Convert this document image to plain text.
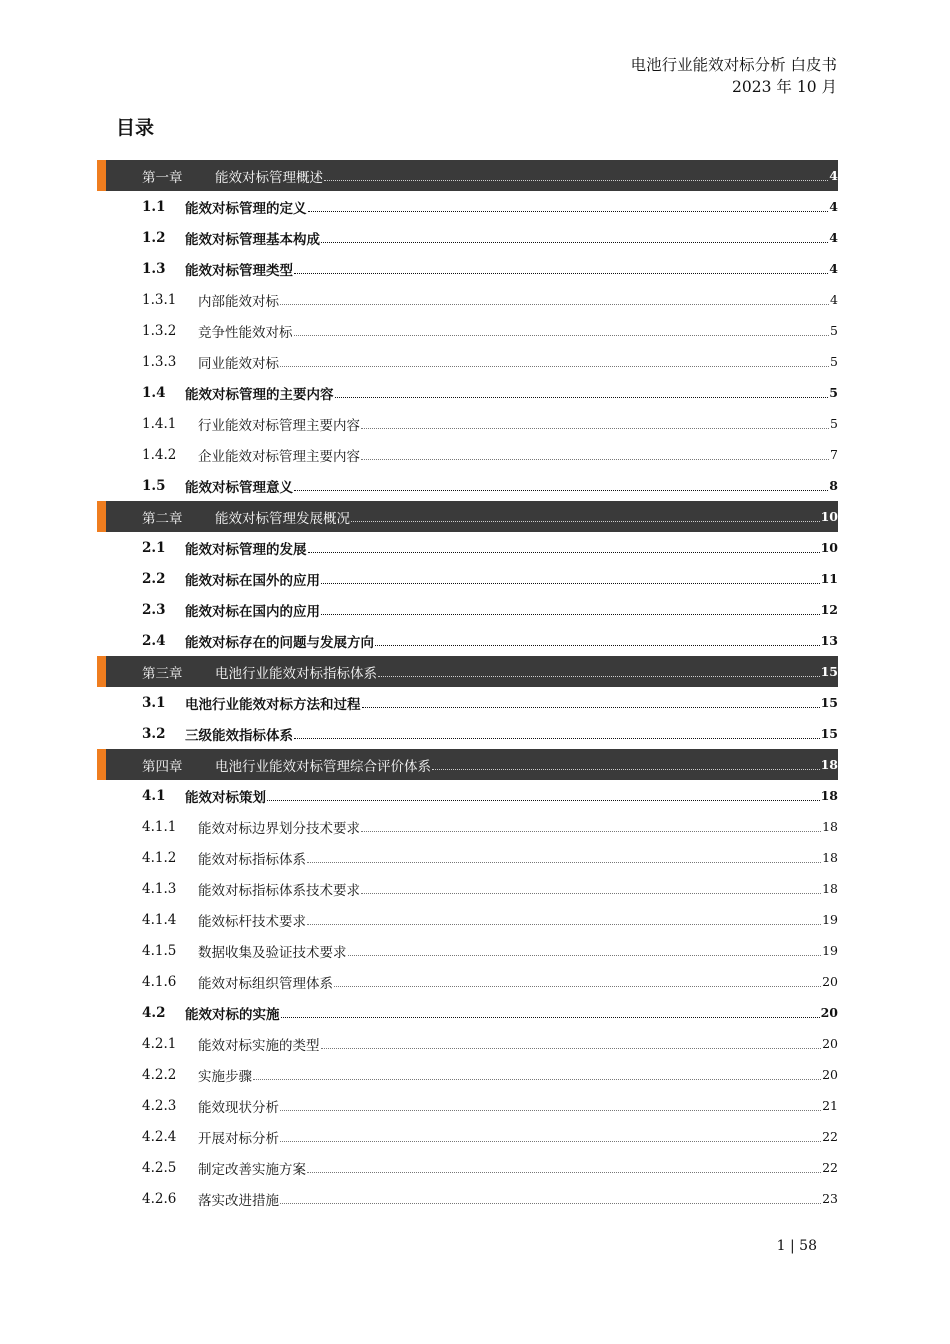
电池行业能效对标分析 白皮书
2023 年 10 月
目录
第一章	能效对标管理概述	4
1.1	能效对标管理的定义	4
1.2	能效对标管理基本构成	4
1.3	能效对标管理类型	4
1.3.1	内部能效对标	4
1.3.2	竞争性能效对标	5
1.3.3	同业能效对标	5
1.4	能效对标管理的主要内容	5
1.4.1	行业能效对标管理主要内容	5
1.4.2	企业能效对标管理主要内容	7
1.5	能效对标管理意义	8
第二章	能效对标管理发展概况	10
2.1	能效对标管理的发展	10
2.2	能效对标在国外的应用	11
2.3	能效对标在国内的应用	12
2.4	能效对标存在的问题与发展方向	13
第三章	电池行业能效对标指标体系	15
3.1	电池行业能效对标方法和过程	15
3.2	三级能效指标体系	15
第四章	电池行业能效对标管理综合评价体系	18
4.1	能效对标策划	18
4.1.1	能效对标边界划分技术要求	18
4.1.2	能效对标指标体系	18
4.1.3	能效对标指标体系技术要求	18
4.1.4	能效标杆技术要求	19
4.1.5	数据收集及验证技术要求	19
4.1.6	能效对标组织管理体系	20
4.2	能效对标的实施	20
4.2.1	能效对标实施的类型	20
4.2.2	实施步骤	20
4.2.3	能效现状分析	21
4.2.4	开展对标分析	22
4.2.5	制定改善实施方案	22
4.2.6	落实改进措施	23
1 | 58
